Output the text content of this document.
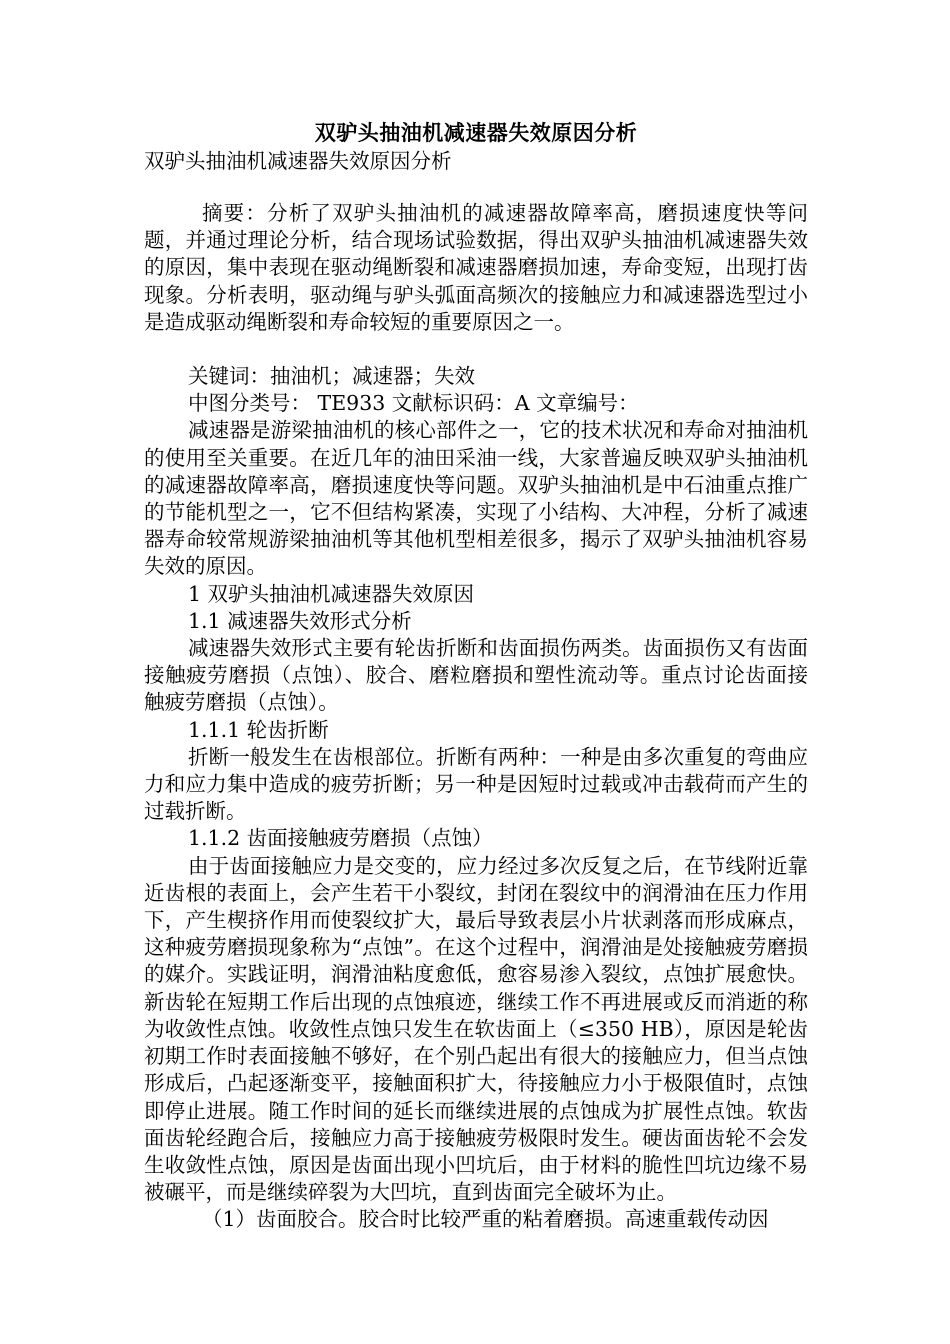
双驴头抽油机减速器失效原因分析

双驴头抽油机减速器失效原因分析

摘要：分析了双驴头抽油机的减速器故障率高，磨损速度快等问题，并通过理论分析，结合现场试验数据，得出双驴头抽油机减速器失效的原因，集中表现在驱动绳断裂和减速器磨损加速，寿命变短，出现打齿现象。分析表明，驱动绳与驴头弧面高频次的接触应力和减速器选型过小是造成驱动绳断裂和寿命较短的重要原因之一。

关键词：抽油机；减速器；失效

中图分类号： TE933 文献标识码：A 文章编号：

减速器是游梁抽油机的核心部件之一，它的技术状况和寿命对抽油机的使用至关重要。在近几年的油田采油一线，大家普遍反映双驴头抽油机的减速器故障率高，磨损速度快等问题。双驴头抽油机是中石油重点推广的节能机型之一，它不但结构紧凑，实现了小结构、大冲程，分析了减速器寿命较常规游梁抽油机等其他机型相差很多，揭示了双驴头抽油机容易失效的原因。

1 双驴头抽油机减速器失效原因

1.1 减速器失效形式分析

减速器失效形式主要有轮齿折断和齿面损伤两类。齿面损伤又有齿面接触疲劳磨损（点蚀）、胶合、磨粒磨损和塑性流动等。重点讨论齿面接触疲劳磨损（点蚀）。

1.1.1 轮齿折断

折断一般发生在齿根部位。折断有两种：一种是由多次重复的弯曲应力和应力集中造成的疲劳折断；另一种是因短时过载或冲击载荷而产生的过载折断。

1.1.2 齿面接触疲劳磨损（点蚀）

由于齿面接触应力是交变的，应力经过多次反复之后，在节线附近靠近齿根的表面上，会产生若干小裂纹，封闭在裂纹中的润滑油在压力作用下，产生楔挤作用而使裂纹扩大，最后导致表层小片状剥落而形成麻点，这种疲劳磨损现象称为“点蚀”。在这个过程中，润滑油是处接触疲劳磨损的媒介。实践证明，润滑油粘度愈低，愈容易渗入裂纹，点蚀扩展愈快。新齿轮在短期工作后出现的点蚀痕迹，继续工作不再进展或反而消逝的称为收敛性点蚀。收敛性点蚀只发生在软齿面上（≤350 HB），原因是轮齿初期工作时表面接触不够好，在个别凸起出有很大的接触应力，但当点蚀形成后，凸起逐渐变平，接触面积扩大，待接触应力小于极限值时，点蚀即停止进展。随工作时间的延长而继续进展的点蚀成为扩展性点蚀。软齿面齿轮经跑合后，接触应力高于接触疲劳极限时发生。硬齿面齿轮不会发生收敛性点蚀，原因是齿面出现小凹坑后，由于材料的脆性凹坑边缘不易被碾平，而是继续碎裂为大凹坑，直到齿面完全破坏为止。

（1）齿面胶合。胶合时比较严重的粘着磨损。高速重载传动因
